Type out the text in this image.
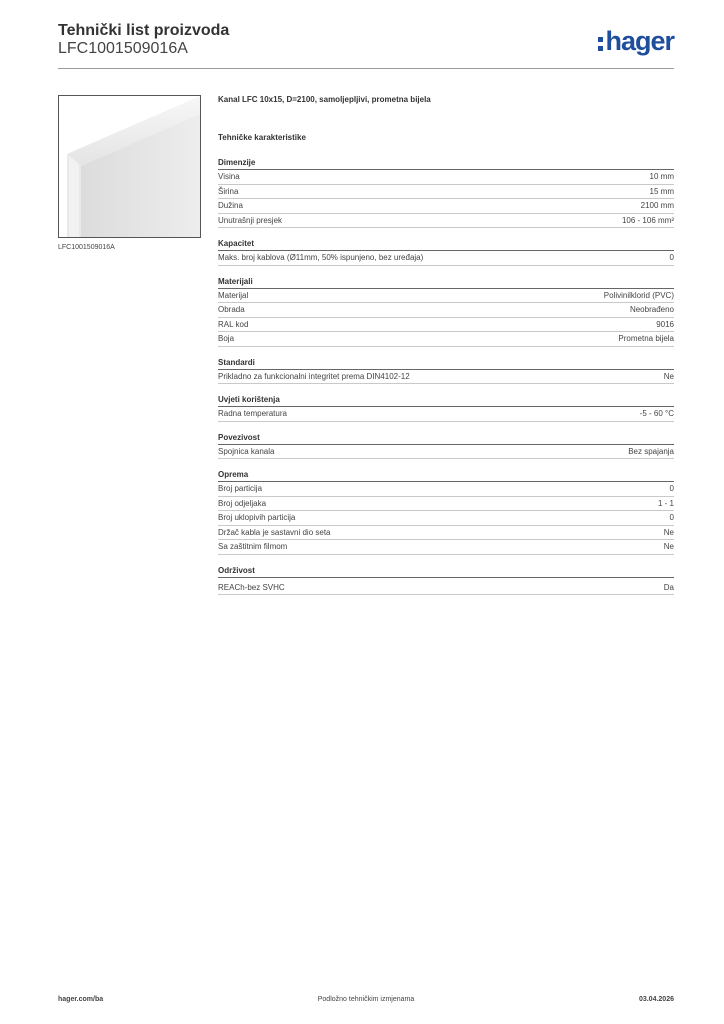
Tehnički list proizvoda
LFC1001509016A	hager
LFC1001509016A
Kanal LFC 10x15, D=2100, samoljepljivi, prometna bijela
Tehničke karakteristike
Dimenzije
Visina	10 mm
Širina	15 mm
Dužina	2100 mm
Unutrašnji presjek	106 - 106 mm²
Kapacitet
Maks. broj kablova (Ø11mm, 50% ispunjeno, bez uređaja)	0
Materijali
Materijal	Polivinilklorid (PVC)
Obrada	Neobrađeno
RAL kod	9016
Boja	Prometna bijela
Standardi
Prikladno za funkcionalni integritet prema DIN4102-12	Ne
Uvjeti korištenja
Radna temperatura	-5 - 60 °C
Povezivost
Spojnica kanala	Bez spajanja
Oprema
Broj particija	0
Broj odjeljaka	1 - 1
Broj uklopivih particija	0
Držač kabla je sastavni dio seta	Ne
Sa zaštitnim filmom	Ne
Održivost
REACh-bez SVHC	Da
hager.com/ba	Podložno tehničkim izmjenama	03.04.2026
